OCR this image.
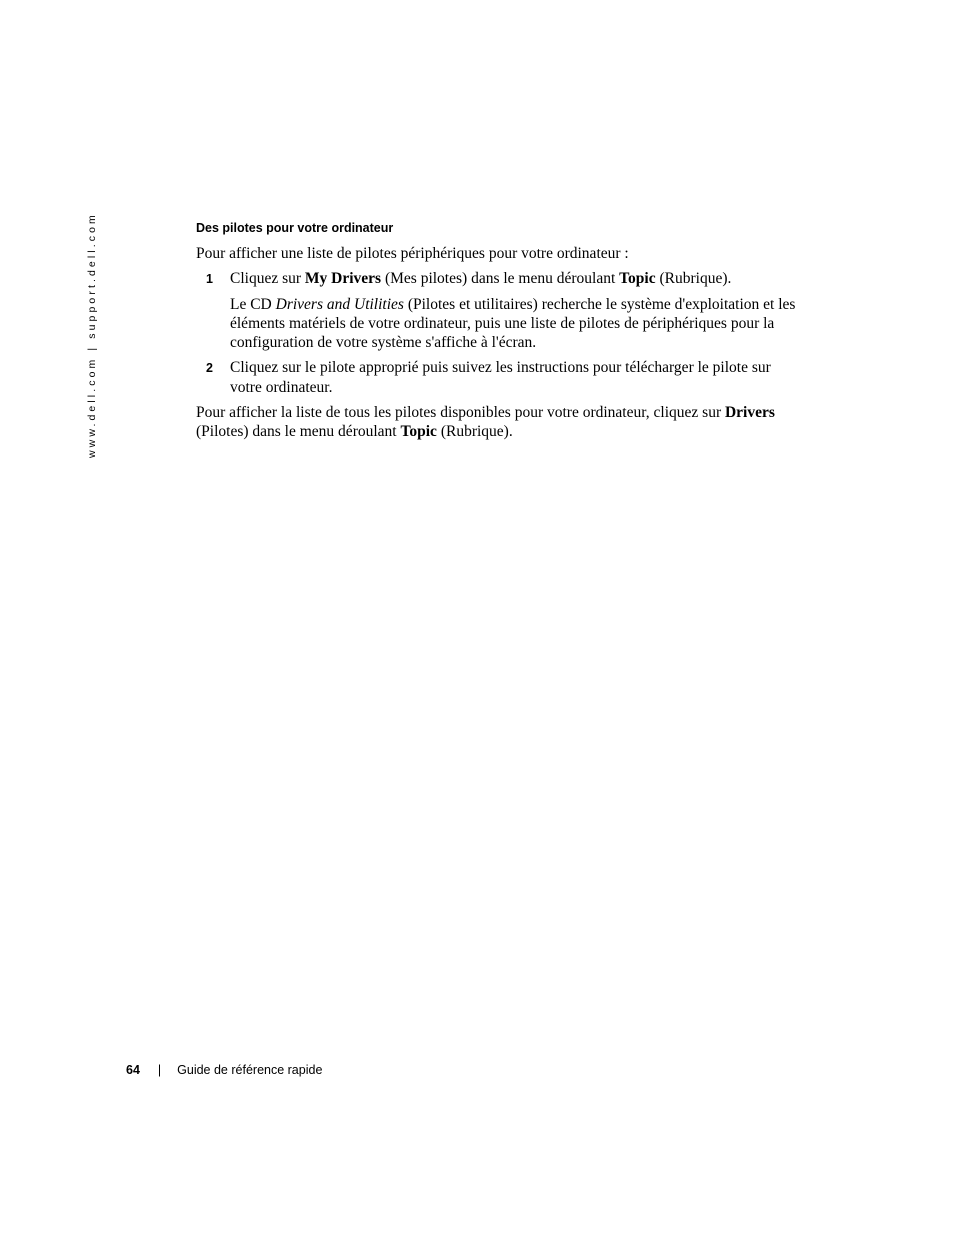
www.dell.com | support.dell.com	Des pilotes pour votre ordinateur

Pour afficher une liste de pilotes périphériques pour votre ordinateur :

1 Cliquez sur My Drivers (Mes pilotes) dans le menu déroulant Topic (Rubrique).

Le CD Drivers and Utilities (Pilotes et utilitaires) recherche le système d'exploitation et les éléments matériels de votre ordinateur, puis une liste de pilotes de périphériques pour la configuration de votre système s'affiche à l'écran.

2 Cliquez sur le pilote approprié puis suivez les instructions pour télécharger le pilote sur votre ordinateur.

Pour afficher la liste de tous les pilotes disponibles pour votre ordinateur, cliquez sur Drivers (Pilotes) dans le menu déroulant Topic (Rubrique).

64 | Guide de référence rapide
